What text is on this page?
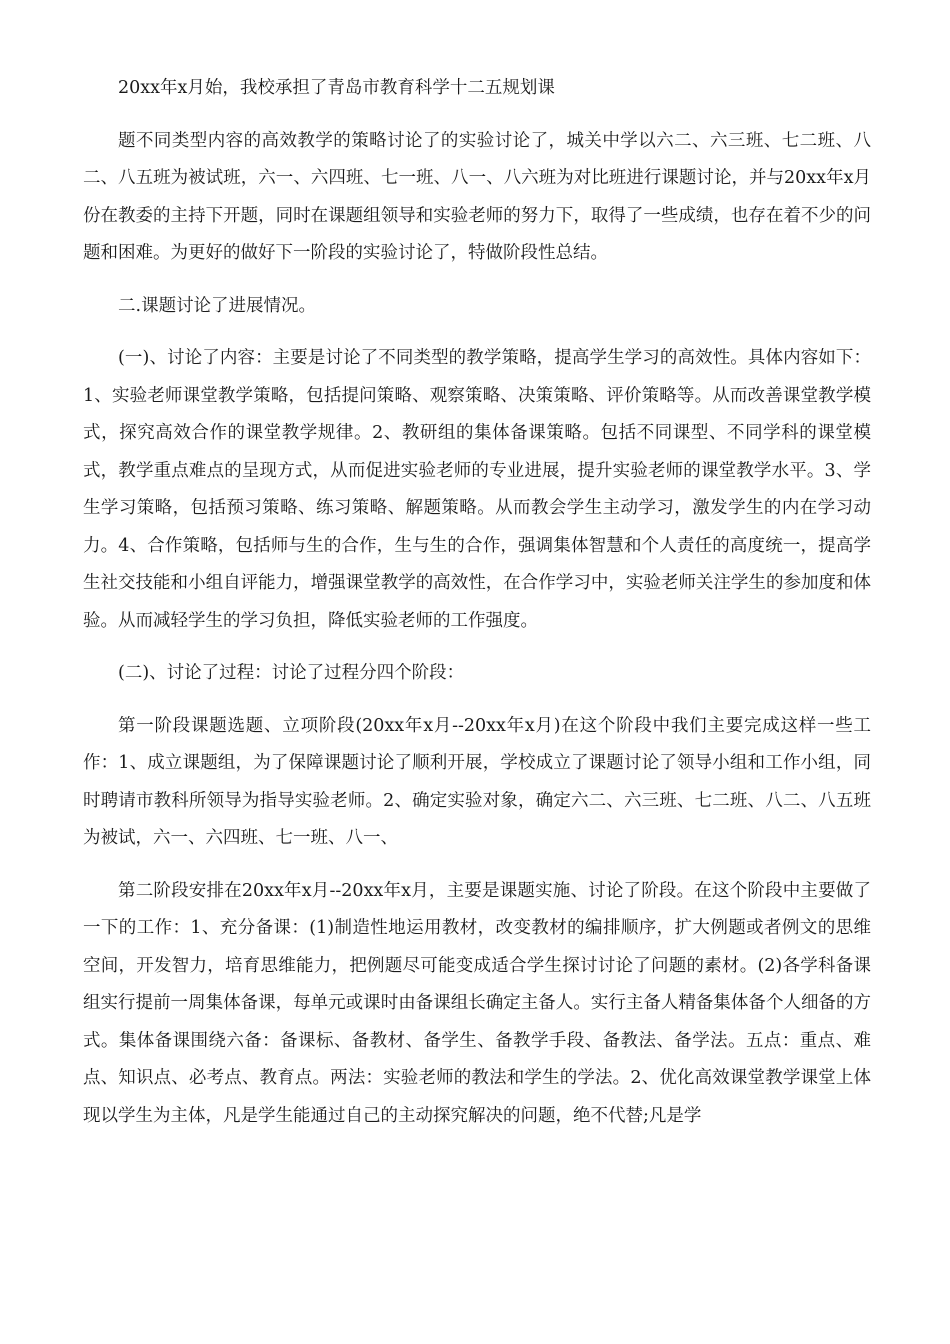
20xx年x月始，我校承担了青岛市教育科学十二五规划课

题不同类型内容的高效教学的策略讨论了的实验讨论了，城关中学以六二、六三班、七二班、八二、八五班为被试班，六一、六四班、七一班、八一、八六班为对比班进行课题讨论，并与20xx年x月份在教委的主持下开题，同时在课题组领导和实验老师的努力下，取得了一些成绩，也存在着不少的问题和困难。为更好的做好下一阶段的实验讨论了，特做阶段性总结。

二.课题讨论了进展情况。

(一)、讨论了内容：主要是讨论了不同类型的教学策略，提高学生学习的高效性。具体内容如下：1、实验老师课堂教学策略，包括提问策略、观察策略、决策策略、评价策略等。从而改善课堂教学模式，探究高效合作的课堂教学规律。2、教研组的集体备课策略。包括不同课型、不同学科的课堂模式，教学重点难点的呈现方式，从而促进实验老师的专业进展，提升实验老师的课堂教学水平。3、学生学习策略，包括预习策略、练习策略、解题策略。从而教会学生主动学习，激发学生的内在学习动力。4、合作策略，包括师与生的合作，生与生的合作，强调集体智慧和个人责任的高度统一，提高学生社交技能和小组自评能力，增强课堂教学的高效性，在合作学习中，实验老师关注学生的参加度和体验。从而减轻学生的学习负担，降低实验老师的工作强度。

(二)、讨论了过程：讨论了过程分四个阶段：

第一阶段课题选题、立项阶段(20xx年x月--20xx年x月)在这个阶段中我们主要完成这样一些工作：1、成立课题组，为了保障课题讨论了顺利开展，学校成立了课题讨论了领导小组和工作小组，同时聘请市教科所领导为指导实验老师。2、确定实验对象，确定六二、六三班、七二班、八二、八五班为被试，六一、六四班、七一班、八一、

第二阶段安排在20xx年x月--20xx年x月，主要是课题实施、讨论了阶段。在这个阶段中主要做了一下的工作：1、充分备课：(1)制造性地运用教材，改变教材的编排顺序，扩大例题或者例文的思维空间，开发智力，培育思维能力，把例题尽可能变成适合学生探讨讨论了问题的素材。(2)各学科备课组实行提前一周集体备课，每单元或课时由备课组长确定主备人。实行主备人精备集体备个人细备的方式。集体备课围绕六备：备课标、备教材、备学生、备教学手段、备教法、备学法。五点：重点、难点、知识点、必考点、教育点。两法：实验老师的教法和学生的学法。2、优化高效课堂教学课堂上体现以学生为主体，凡是学生能通过自己的主动探究解决的问题，绝不代替;凡是学
